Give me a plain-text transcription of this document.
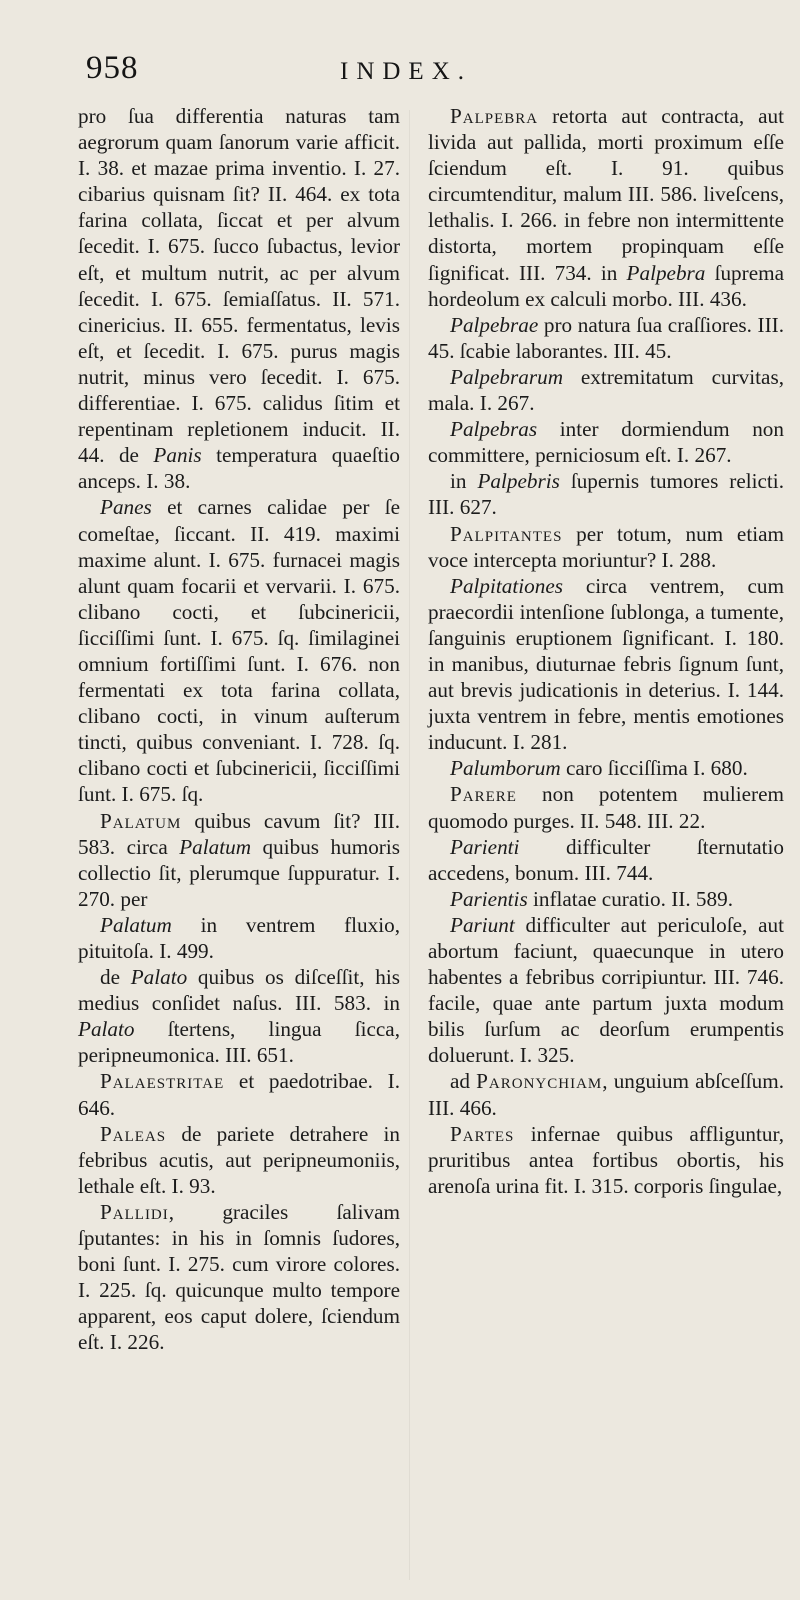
958	INDEX.

pro ſua differentia naturas tam aegrorum quam ſanorum varie afficit. I. 38. et mazae prima inventio. I. 27. cibarius quisnam ſit? II. 464. ex tota farina collata, ſiccat et per alvum ſecedit. I. 675. ſucco ſubactus, levior eſt, et multum nutrit, ac per alvum ſecedit. I. 675. ſemiaſſatus. II. 571. cinericius. II. 655. fermentatus, levis eſt, et ſecedit. I. 675. purus magis nutrit, minus vero ſecedit. I. 675. differentiae. I. 675. calidus ſitim et repentinam repletionem inducit. II. 44. de Panis temperatura quaeſtio anceps. I. 38.

Panes et carnes calidae per ſe comeſtae, ſiccant. II. 419. maximi maxime alunt. I. 675. furnacei magis alunt quam focarii et vervarii. I. 675. clibano cocti, et ſubcinericii, ſicciſſimi ſunt. I. 675. ſq. ſimilaginei omnium fortiſſimi ſunt. I. 676. non fermentati ex tota farina collata, clibano cocti, in vinum auſterum tincti, quibus conveniant. I. 728. ſq. clibano cocti et ſubcinericii, ſicciſſimi ſunt. I. 675. ſq.

Palatum quibus cavum ſit? III. 583. circa Palatum quibus humoris collectio ſit, plerumque ſuppuratur. I. 270. per

Palatum in ventrem fluxio, pituitoſa. I. 499.

de Palato quibus os diſceſſit, his medius conſidet naſus. III. 583. in Palato ſtertens, lingua ſicca, peripneumonica. III. 651.

Palaestritae et paedotribae. I. 646.

Paleas de pariete detrahere in febribus acutis, aut peripneumoniis, lethale eſt. I. 93.

Pallidi, graciles ſalivam ſputantes: in his in ſomnis ſudores, boni ſunt. I. 275. cum virore colores. I. 225. ſq. quicunque multo tempore apparent, eos caput dolere, ſciendum eſt. I. 226.

Palpebra retorta aut contracta, aut livida aut pallida, morti proximum eſſe ſciendum eſt. I. 91. quibus circumtenditur, malum III. 586. liveſcens, lethalis. I. 266. in febre non intermittente distorta, mortem propinquam eſſe ſignificat. III. 734. in Palpebra ſuprema hordeolum ex calculi morbo. III. 436.

Palpebrae pro natura ſua craſſiores. III. 45. ſcabie laborantes. III. 45.

Palpebrarum extremitatum curvitas, mala. I. 267.

Palpebras inter dormiendum non committere, perniciosum eſt. I. 267.

in Palpebris ſupernis tumores relicti. III. 627.

Palpitantes per totum, num etiam voce intercepta moriuntur? I. 288.

Palpitationes circa ventrem, cum praecordii intenſione ſublonga, a tumente, ſanguinis eruptionem ſignificant. I. 180. in manibus, diuturnae febris ſignum ſunt, aut brevis judicationis in deterius. I. 144. juxta ventrem in febre, mentis emotiones inducunt. I. 281.

Palumborum caro ſicciſſima I. 680.

Parere non potentem mulierem quomodo purges. II. 548. III. 22.

Parienti difficulter ſternutatio accedens, bonum. III. 744.

Parientis inflatae curatio. II. 589.

Pariunt difficulter aut periculoſe, aut abortum faciunt, quaecunque in utero habentes a febribus corripiuntur. III. 746. facile, quae ante partum juxta modum bilis ſurſum ac deorſum erumpentis doluerunt. I. 325.

ad Paronychiam, unguium abſceſſum. III. 466.

Partes infernae quibus affliguntur, pruritibus antea fortibus obortis, his arenoſa urina fit. I. 315. corporis ſingulae,
